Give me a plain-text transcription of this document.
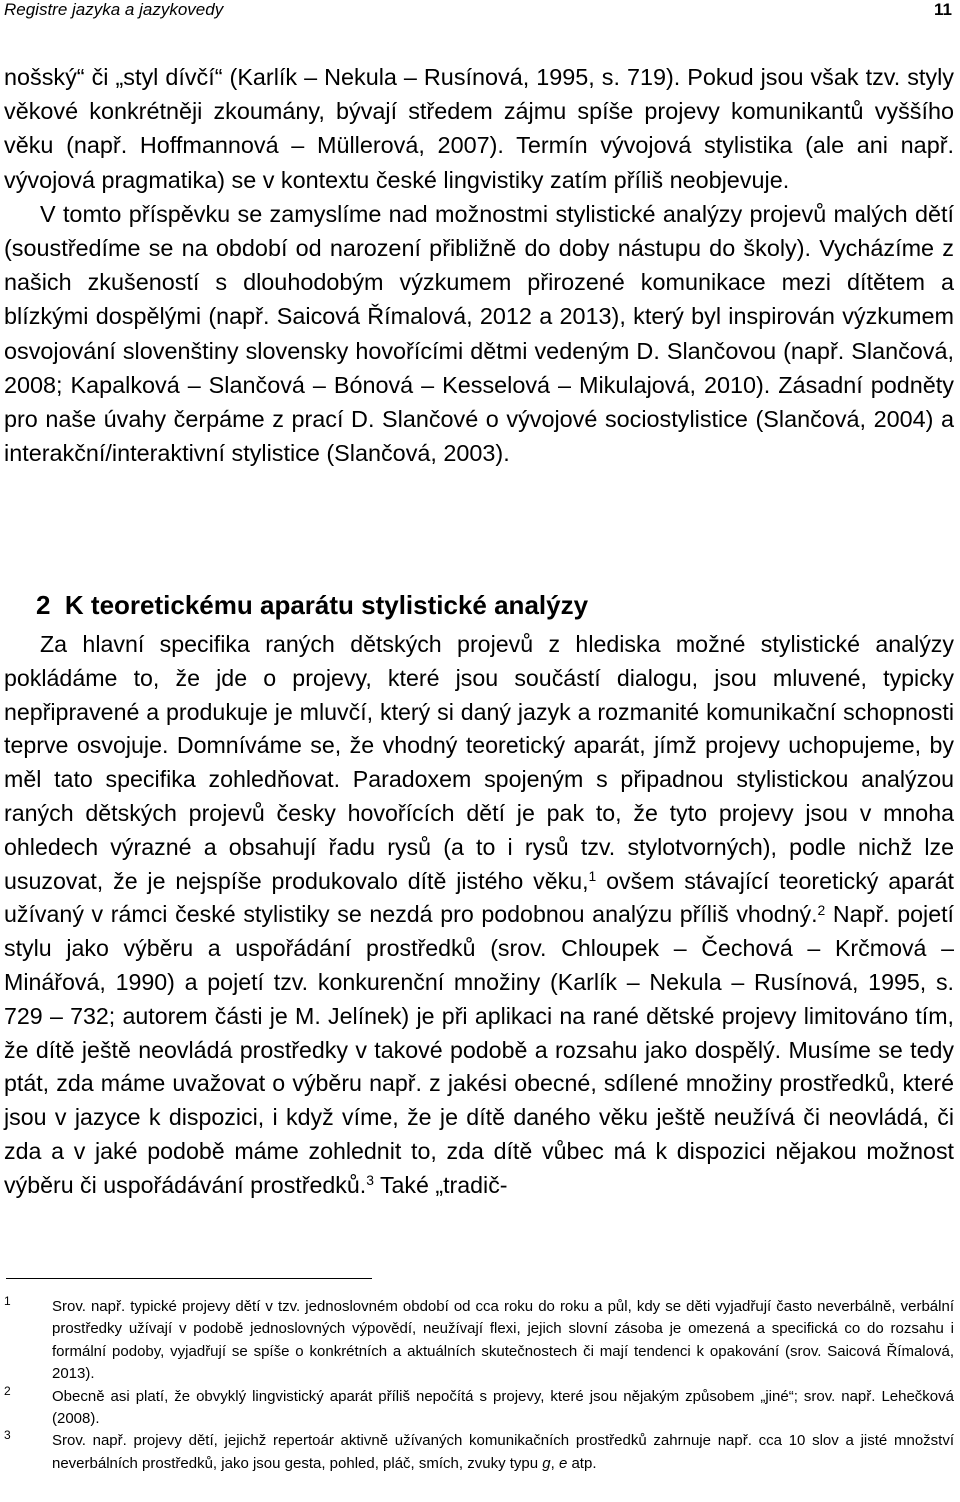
Registre jazyka a jazykovedy	11

nošský“ či „styl dívčí“ (Karlík – Nekula – Rusínová, 1995, s. 719). Pokud jsou však tzv. styly věkové konkrétněji zkoumány, bývají středem zájmu spíše projevy komunikantů vyššího věku (např. Hoffmannová – Müllerová, 2007). Termín vývojová stylistika (ale ani např. vývojová pragmatika) se v kontextu české lingvistiky zatím příliš neobjevuje.

V tomto příspěvku se zamyslíme nad možnostmi stylistické analýzy projevů malých dětí (soustředíme se na období od narození přibližně do doby nástupu do školy). Vycházíme z našich zkušeností s dlouhodobým výzkumem přirozené komunikace mezi dítětem a blízkými dospělými (např. Saicová Římalová, 2012 a 2013), který byl inspirován výzkumem osvojování slovenštiny slovensky hovořícími dětmi vedeným D. Slančovou (např. Slančová, 2008; Kapalková – Slančová – Bónová – Kesselová – Mikulajová, 2010). Zásadní podněty pro naše úvahy čerpáme z prací D. Slančové o vývojové sociostylistice (Slančová, 2004) a interakční/interaktivní stylistice (Slančová, 2003).

2 K teoretickému aparátu stylistické analýzy

Za hlavní specifika raných dětských projevů z hlediska možné stylistické analýzy pokládáme to, že jde o projevy, které jsou součástí dialogu, jsou mluvené, typicky nepřipravené a produkuje je mluvčí, který si daný jazyk a rozmanité komunikační schopnosti teprve osvojuje. Domníváme se, že vhodný teoretický aparát, jímž projevy uchopujeme, by měl tato specifika zohledňovat. Paradoxem spojeným s připadnou stylistickou analýzou raných dětských projevů česky hovořících dětí je pak to, že tyto projevy jsou v mnoha ohledech výrazné a obsahují řadu rysů (a to i rysů tzv. stylotvorných), podle nichž lze usuzovat, že je nejspíše produkovalo dítě jistého věku,$^1$ ovšem stávající teoretický aparát užívaný v rámci české stylistiky se nezdá pro podobnou analýzu příliš vhodný.$^2$ Např. pojetí stylu jako výběru a uspořádání prostředků (srov. Chloupek – Čechová – Krčmová – Minářová, 1990) a pojetí tzv. konkurenční množiny (Karlík – Nekula – Rusínová, 1995, s. 729 – 732; autorem části je M. Jelínek) je při aplikaci na rané dětské projevy limitováno tím, že dítě ještě neovládá prostředky v takové podobě a rozsahu jako dospělý. Musíme se tedy ptát, zda máme uvažovat o výběru např. z jakési obecné, sdílené množiny prostředků, které jsou v jazyce k dispozici, i když víme, že je dítě daného věku ještě neužívá či neovládá, či zda a v jaké podobě máme zohlednit to, zda dítě vůbec má k dispozici nějakou možnost výběru či uspořádávání prostředků.$^3$ Také „tradič-

1	Srov. např. typické projevy dětí v tzv. jednoslovném období od cca roku do roku a půl, kdy se děti vyjadřují často neverbálně, verbální prostředky užívají v podobě jednoslovných výpovědí, neužívají flexi, jejich slovní zásoba je omezená a specifická co do rozsahu i formální podoby, vyjadřují se spíše o konkrétních a aktuálních skutečnostech či mají tendenci k opakování (srov. Saicová Římalová, 2013).

2	Obecně asi platí, že obvyklý lingvistický aparát příliš nepočítá s projevy, které jsou nějakým způsobem „jiné“; srov. např. Lehečková (2008).

3	Srov. např. projevy dětí, jejichž repertoár aktivně užívaných komunikačních prostředků zahrnuje např. cca 10 slov a jisté množství neverbálních prostředků, jako jsou gesta, pohled, pláč, smích, zvuky typu g, e atp.
